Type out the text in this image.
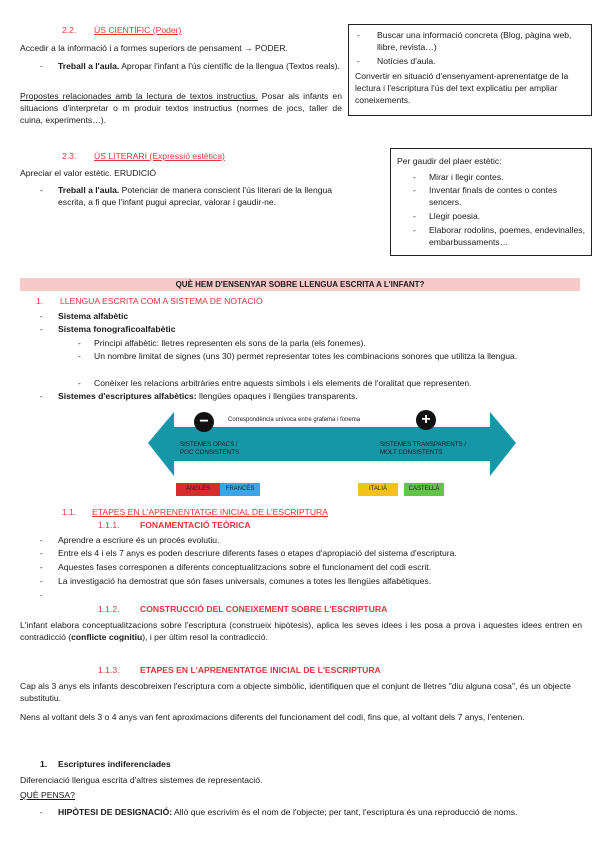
2.2. ÚS CIENTÍFIC (Poder)
Accedir a la informació i a formes superiors de pensament → PODER.
- Treball a l'aula. Apropar l'infant a l'ús científic de la llengua (Textos reals).
Propostes relacionades amb la lectura de textos instructius. Posar als infants en situacions d'interpretar o m produir textos instructius (normes de jocs, taller de cuina, experiments…).
- Buscar una informació concreta (Blog, pàgina web, llibre, revista…)
- Notícies d'aula.
Convertir en situació d'ensenyament-aprenentatge de la lectura i l'escriptura l'ús del text explicatiu per ampliar coneixements.
2.3. ÚS LITERARI (Expressió estètica)
Apreciar el valor estètic. ERUDICIÓ
- Treball a l'aula. Potenciar de manera conscient l'ús literari de la llengua escrita, a fi que l'infant pugui apreciar, valorar i gaudir-ne.
Per gaudir del plaer estètic:
- Mirar i llegir contes.
- Inventar finals de contes o contes sencers.
- Llegir poesia.
- Elaborar rodolins, poemes, endevinalles, embarbussaments…
QUÈ HEM D'ENSENYAR SOBRE LLENGUA ESCRITA A L'INFANT?
1. LLENGUA ESCRITA COM A SISTEMA DE NOTACIÓ
- Sistema alfabètic
- Sistema fonograficoalfabètic
- Principi alfabètic: lletres representen els sons de la parla (els fonemes).
- Un nombre limitat de signes (uns 30) permet representar totes les combinacions sonores que utilitza la llengua.
- Conèixer les relacions arbitràries entre aquests símbols i els elements de l'oralitat que representen.
- Sistemes d'escriptures alfabètics: llengües opaques i llengües transparents.
Correspondència unívoca entre grafema i fonema
SISTEMES OPACS / POC CONSISTENTS
SISTEMES TRANSPARENTS / MOLT CONSISTENTS
−	+
ANGLÈS	FRANCÈS	ITALIÀ	CASTELLÀ
1.1. ETAPES EN L'APRENENTATGE INICIAL DE L'ESCRIPTURA
1.1.1. FONAMENTACIÓ TEÒRICA
- Aprendre a escriure és un procés evolutiu.
- Entre els 4 i els 7 anys es poden descriure diferents fases o etapes d'apropiació del sistema d'escriptura.
- Aquestes fases corresponen a diferents conceptualitzacions sobre el funcionament del codi escrit.
- La investigació ha demostrat que són fases universals, comunes a totes les llengües alfabètiques.
-
1.1.2. CONSTRUCCIÓ DEL CONEIXEMENT SOBRE L'ESCRIPTURA
L'infant elabora conceptualitzacions sobre l'escriptura (construeix hipòtesis), aplica les seves idees i les posa a prova i aquestes idees entren en contradicció (conflicte cognitiu), i per últim resol la contradicció.
1.1.3. ETAPES EN L'APRENENTATGE INICIAL DE L'ESCRIPTURA
Cap als 3 anys els infants descobreixen l'escriptura com a objecte simbòlic, identifiquen que el conjunt de lletres "diu alguna cosa", és un objecte substitutiu.
Nens al voltant dels 3 o 4 anys van fent aproximacions diferents del funcionament del codi, fins que, al voltant dels 7 anys, l'entenen.
1. Escriptures indiferenciades
Diferenciació llengua escrita d'altres sistemes de representació.
QUÈ PENSA?
- HIPÒTESI DE DESIGNACIÓ: Allò que escrivim és el nom de l'objecte; per tant, l'escriptura és una reproducció de noms.
